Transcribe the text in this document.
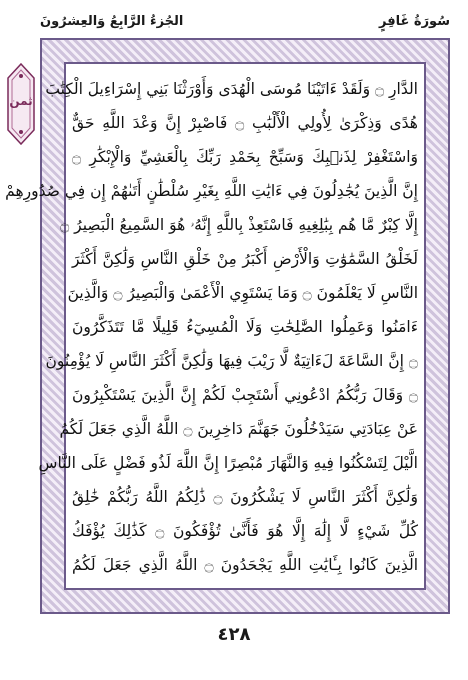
سُورَةُ غَافِرٍ
الجُزءُ الرَّابِعُ وَالعِشرُونَ
ثمن
الدَّارِ ۝ وَلَقَدْ ءَاتَيْنَا مُوسَى الْهُدَى وَأَوْرَثْنَا بَنِي إِسْرَاءِيلَ الْكِتَٰبَ
هُدًى وَذِكْرَىٰ لِأُولِي الْأَلْبَٰبِ ۝ فَاصْبِرْ إِنَّ وَعْدَ اللَّهِ حَقٌّ
وَاسْتَغْفِرْ لِذَنۢبِكَ وَسَبِّحْ بِحَمْدِ رَبِّكَ بِالْعَشِيِّ وَالْإِبْكَٰرِ ۝
إِنَّ الَّذِينَ يُجَٰدِلُونَ فِي ءَايَٰتِ اللَّهِ بِغَيْرِ سُلْطَٰنٍ أَتَىٰهُمْ إِن فِي صُدُورِهِمْ
إِلَّا كِبْرٌ مَّا هُم بِبَٰلِغِيهِ فَاسْتَعِذْ بِاللَّهِ إِنَّهُۥ هُوَ السَّمِيعُ الْبَصِيرُ ۝
لَخَلْقُ السَّمَٰوَٰتِ وَالْأَرْضِ أَكْبَرُ مِنْ خَلْقِ النَّاسِ وَلَٰكِنَّ أَكْثَرَ
النَّاسِ لَا يَعْلَمُونَ ۝ وَمَا يَسْتَوِي الْأَعْمَىٰ وَالْبَصِيرُ ۝ وَالَّذِينَ
ءَامَنُوا وَعَمِلُوا الصَّٰلِحَٰتِ وَلَا الْمُسِيٓءُ قَلِيلًا مَّا تَتَذَكَّرُونَ
۝ إِنَّ السَّاعَةَ لَءَاتِيَةٌ لَّا رَيْبَ فِيهَا وَلَٰكِنَّ أَكْثَرَ النَّاسِ لَا يُؤْمِنُونَ
۝ وَقَالَ رَبُّكُمُ ادْعُونِي أَسْتَجِبْ لَكُمْ إِنَّ الَّذِينَ يَسْتَكْبِرُونَ
عَنْ عِبَادَتِي سَيَدْخُلُونَ جَهَنَّمَ دَاخِرِينَ ۝ اللَّهُ الَّذِي جَعَلَ لَكُمُ
الَّيْلَ لِتَسْكُنُوا فِيهِ وَالنَّهَارَ مُبْصِرًا إِنَّ اللَّهَ لَذُو فَضْلٍ عَلَى النَّاسِ
وَلَٰكِنَّ أَكْثَرَ النَّاسِ لَا يَشْكُرُونَ ۝ ذَٰلِكُمُ اللَّهُ رَبُّكُمْ خَٰلِقُ
كُلِّ شَيْءٍ لَّا إِلَٰهَ إِلَّا هُوَ فَأَنَّىٰ تُؤْفَكُونَ ۝ كَذَٰلِكَ يُؤْفَكُ
الَّذِينَ كَانُوا بِـَٔايَٰتِ اللَّهِ يَجْحَدُونَ ۝ اللَّهُ الَّذِي جَعَلَ لَكُمُ
٤٢٨
